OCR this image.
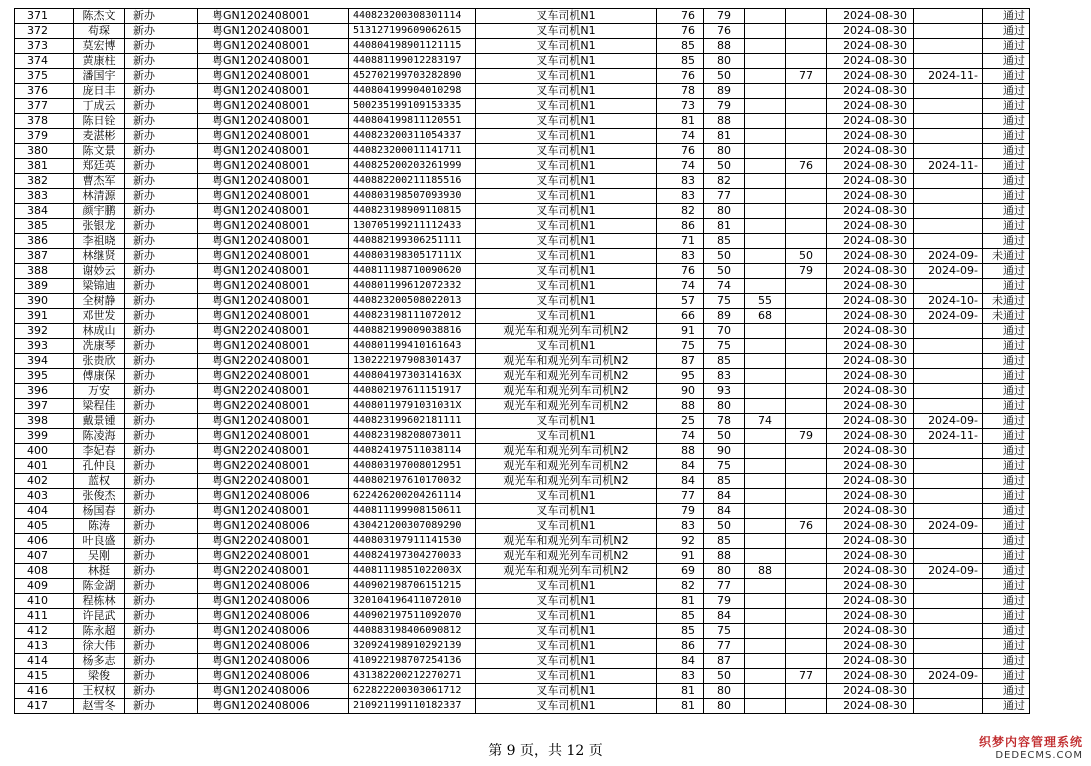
371	陈杰文	新办	粤GN1202408001	440823200308301114	叉车司机N1	76	79			2024-08-30		通过
372	苟琛	新办	粤GN1202408001	513127199609062615	叉车司机N1	76	76			2024-08-30		通过
373	莫宏博	新办	粤GN1202408001	440804198901121115	叉车司机N1	85	88			2024-08-30		通过
374	黄康柱	新办	粤GN1202408001	440881199012283197	叉车司机N1	85	80			2024-08-30		通过
375	潘国宇	新办	粤GN1202408001	452702199703282890	叉车司机N1	76	50		77	2024-08-30	2024-11-	通过
376	庞日丰	新办	粤GN1202408001	440804199904010298	叉车司机N1	78	89			2024-08-30		通过
377	丁成云	新办	粤GN1202408001	500235199109153335	叉车司机N1	73	79			2024-08-30		通过
378	陈日铨	新办	粤GN1202408001	440804199811120551	叉车司机N1	81	88			2024-08-30		通过
379	麦湛彬	新办	粤GN1202408001	440823200311054337	叉车司机N1	74	81			2024-08-30		通过
380	陈文景	新办	粤GN1202408001	440823200011141711	叉车司机N1	76	80			2024-08-30		通过
381	郑廷英	新办	粤GN1202408001	440825200203261999	叉车司机N1	74	50		76	2024-08-30	2024-11-	通过
382	曹杰军	新办	粤GN1202408001	440882200211185516	叉车司机N1	83	82			2024-08-30		通过
383	林清源	新办	粤GN1202408001	440803198507093930	叉车司机N1	83	77			2024-08-30		通过
384	颜宇鹏	新办	粤GN1202408001	440823198909110815	叉车司机N1	82	80			2024-08-30		通过
385	张银龙	新办	粤GN1202408001	130705199211112433	叉车司机N1	86	81			2024-08-30		通过
386	李祖晓	新办	粤GN1202408001	440882199306251111	叉车司机N1	71	85			2024-08-30		通过
387	林继贤	新办	粤GN1202408001	44080319830517111X	叉车司机N1	83	50		50	2024-08-30	2024-09-	未通过
388	谢妙云	新办	粤GN1202408001	440811198710090620	叉车司机N1	76	50		79	2024-08-30	2024-09-	通过
389	梁锦迪	新办	粤GN1202408001	440801199612072332	叉车司机N1	74	74			2024-08-30		通过
390	全树静	新办	粤GN1202408001	440823200508022013	叉车司机N1	57	75	55		2024-08-30	2024-10-	未通过
391	邓世发	新办	粤GN1202408001	440823198111072012	叉车司机N1	66	89	68		2024-08-30	2024-09-	未通过
392	林成山	新办	粤GN2202408001	440882199009038816	观光车和观光列车司机N2	91	70			2024-08-30		通过
393	冼康琴	新办	粤GN1202408001	440801199410161643	叉车司机N1	75	75			2024-08-30		通过
394	张贵欣	新办	粤GN2202408001	130222197908301437	观光车和观光列车司机N2	87	85			2024-08-30		通过
395	傅康保	新办	粤GN2202408001	44080419730314163X	观光车和观光列车司机N2	95	83			2024-08-30		通过
396	万安	新办	粤GN2202408001	440802197611151917	观光车和观光列车司机N2	90	93			2024-08-30		通过
397	梁程佳	新办	粤GN2202408001	44080119791031031X	观光车和观光列车司机N2	88	80			2024-08-30		通过
398	戴景锺	新办	粤GN1202408001	440823199602181111	叉车司机N1	25	78	74		2024-08-30	2024-09-	通过
399	陈凌海	新办	粤GN1202408001	440823198208073011	叉车司机N1	74	50		79	2024-08-30	2024-11-	通过
400	李妃春	新办	粤GN2202408001	440824197511038114	观光车和观光列车司机N2	88	90			2024-08-30		通过
401	孔仲良	新办	粤GN2202408001	440803197008012951	观光车和观光列车司机N2	84	75			2024-08-30		通过
402	蓝权	新办	粤GN2202408001	440802197610170032	观光车和观光列车司机N2	84	85			2024-08-30		通过
403	张俊杰	新办	粤GN1202408006	622426200204261114	叉车司机N1	77	84			2024-08-30		通过
404	杨国春	新办	粤GN1202408001	440811199908150611	叉车司机N1	79	84			2024-08-30		通过
405	陈涛	新办	粤GN1202408006	430421200307089290	叉车司机N1	83	50		76	2024-08-30	2024-09-	通过
406	叶良盛	新办	粤GN2202408001	440803197911141530	观光车和观光列车司机N2	92	85			2024-08-30		通过
407	吴刚	新办	粤GN2202408001	440824197304270033	观光车和观光列车司机N2	91	88			2024-08-30		通过
408	林挺	新办	粤GN2202408001	44081119851022003X	观光车和观光列车司机N2	69	80	88		2024-08-30	2024-09-	通过
409	陈金湖	新办	粤GN1202408006	440902198706151215	叉车司机N1	82	77			2024-08-30		通过
410	程栋林	新办	粤GN1202408006	320104196411072010	叉车司机N1	81	79			2024-08-30		通过
411	许昆武	新办	粤GN1202408006	440902197511092070	叉车司机N1	85	84			2024-08-30		通过
412	陈永超	新办	粤GN1202408006	440883198406090812	叉车司机N1	85	75			2024-08-30		通过
413	徐大伟	新办	粤GN1202408006	320924198910292139	叉车司机N1	86	77			2024-08-30		通过
414	杨多志	新办	粤GN1202408006	410922198707254136	叉车司机N1	84	87			2024-08-30		通过
415	梁俊	新办	粤GN1202408006	431382200212270271	叉车司机N1	83	50		77	2024-08-30	2024-09-	通过
416	王权权	新办	粤GN1202408006	622822200303061712	叉车司机N1	81	80			2024-08-30		通过
417	赵雪冬	新办	粤GN1202408006	210921199110182337	叉车司机N1	81	80			2024-08-30		通过
第 9 页，共 12 页
织梦内容管理系统
DEDECMS.COM
